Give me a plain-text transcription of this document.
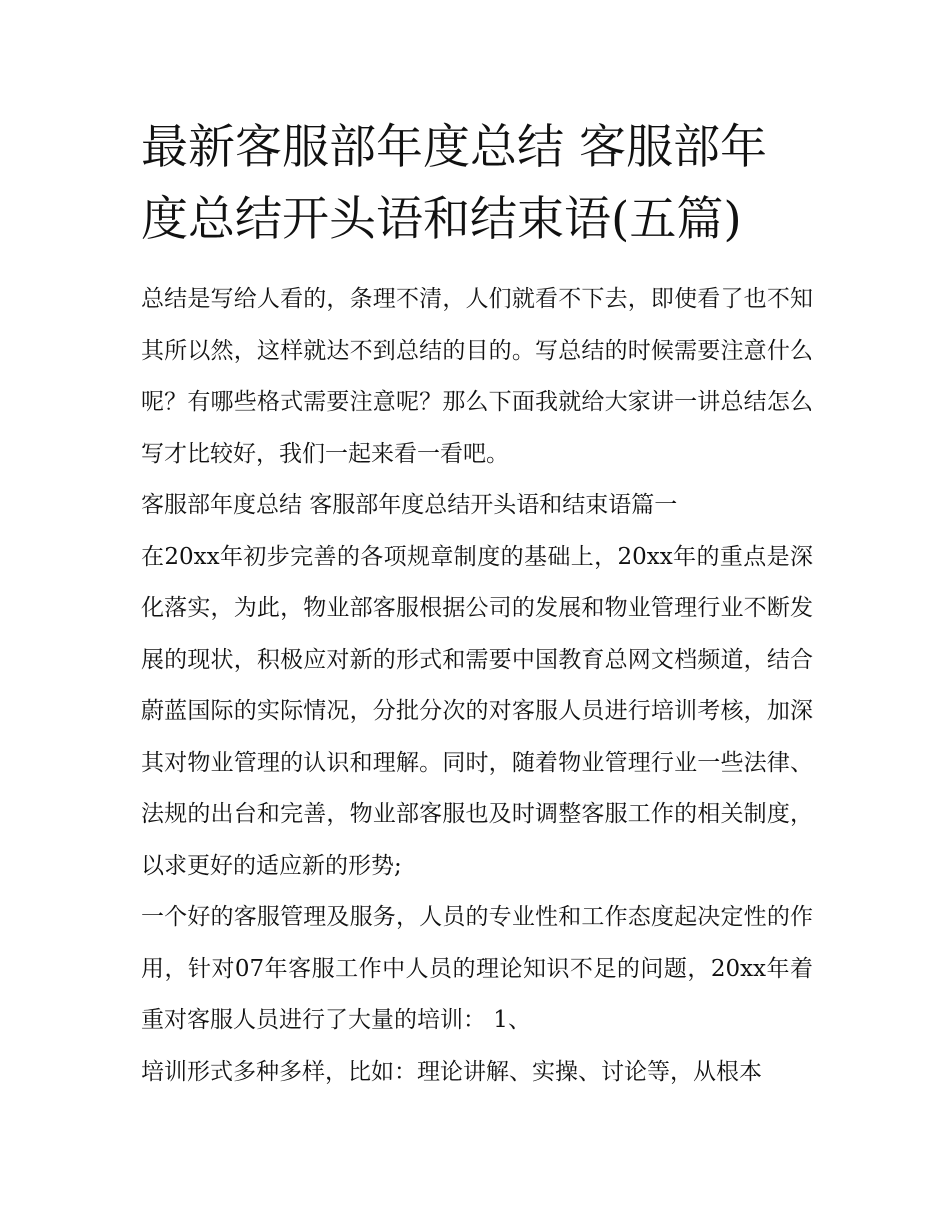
最新客服部年度总结 客服部年度总结开头语和结束语(五篇)

总结是写给人看的，条理不清，人们就看不下去，即使看了也不知其所以然，这样就达不到总结的目的。写总结的时候需要注意什么呢？有哪些格式需要注意呢？那么下面我就给大家讲一讲总结怎么写才比较好，我们一起来看一看吧。

客服部年度总结 客服部年度总结开头语和结束语篇一

在20xx年初步完善的各项规章制度的基础上，20xx年的重点是深化落实，为此，物业部客服根据公司的发展和物业管理行业不断发展的现状，积极应对新的形式和需要中国教育总网文档频道，结合蔚蓝国际的实际情况，分批分次的对客服人员进行培训考核，加深其对物业管理的认识和理解。同时，随着物业管理行业一些法律、法规的出台和完善，物业部客服也及时调整客服工作的相关制度，以求更好的适应新的形势;

一个好的客服管理及服务，人员的专业性和工作态度起决定性的作用，针对07年客服工作中人员的理论知识不足的问题，20xx年着重对客服人员进行了大量的培训： 1、

培训形式多种多样，比如：理论讲解、实操、讨论等，从根本
